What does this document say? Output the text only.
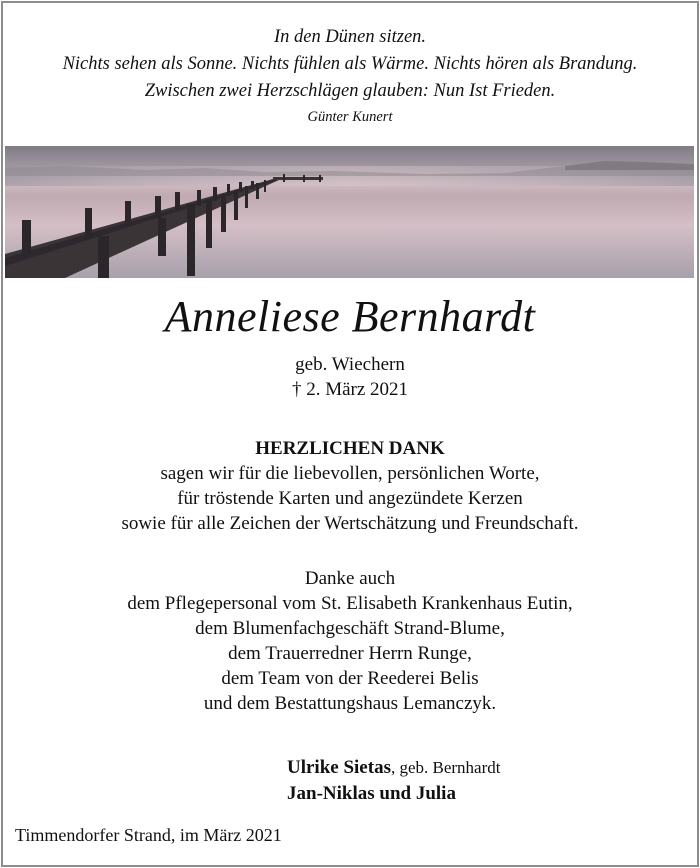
In den Dünen sitzen.
Nichts sehen als Sonne. Nichts fühlen als Wärme. Nichts hören als Brandung.
Zwischen zwei Herzschlägen glauben: Nun Ist Frieden.
Günter Kunert
Anneliese Bernhardt
geb. Wiechern
† 2. März 2021
HERZLICHEN DANK
sagen wir für die liebevollen, persönlichen Worte,
für tröstende Karten und angezündete Kerzen
sowie für alle Zeichen der Wertschätzung und Freundschaft.
Danke auch
dem Pflegepersonal vom St. Elisabeth Krankenhaus Eutin,
dem Blumenfachgeschäft Strand-Blume,
dem Trauerredner Herrn Runge,
dem Team von der Reederei Belis
und dem Bestattungshaus Lemanczyk.
Ulrike Sietas, geb. Bernhardt
Jan-Niklas und Julia
Timmendorfer Strand, im März 2021
